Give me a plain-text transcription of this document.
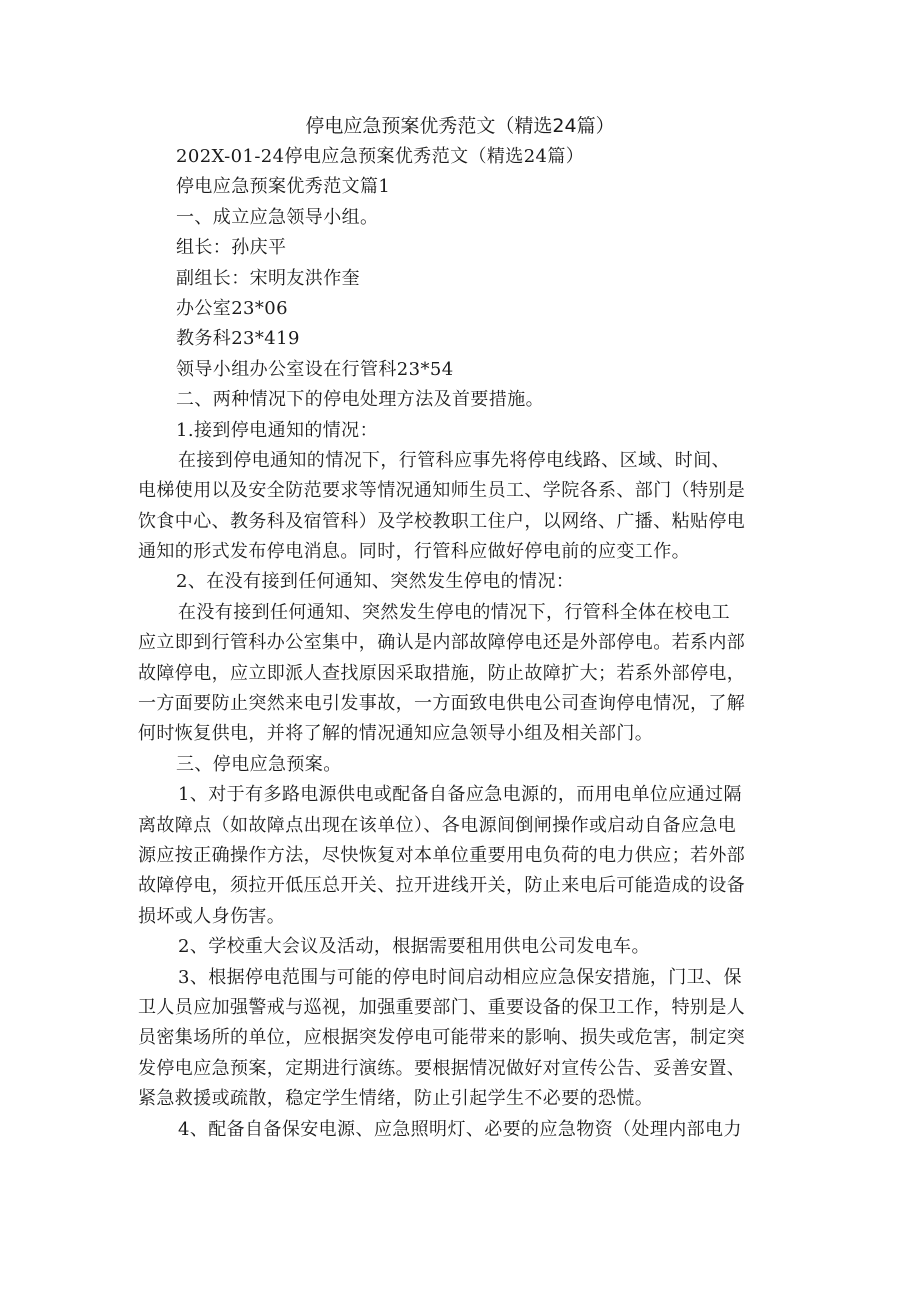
停电应急预案优秀范文（精选24篇）
202X-01-24停电应急预案优秀范文（精选24篇）
停电应急预案优秀范文篇1
一、成立应急领导小组。
组长：孙庆平
副组长：宋明友洪作奎
办公室23*06
教务科23*419
领导小组办公室设在行管科23*54
二、两种情况下的停电处理方法及首要措施。
1.接到停电通知的情况：
在接到停电通知的情况下，行管科应事先将停电线路、区域、时间、
电梯使用以及安全防范要求等情况通知师生员工、学院各系、部门（特别是
饮食中心、教务科及宿管科）及学校教职工住户，以网络、广播、粘贴停电
通知的形式发布停电消息。同时，行管科应做好停电前的应变工作。
2、在没有接到任何通知、突然发生停电的情况：
在没有接到任何通知、突然发生停电的情况下，行管科全体在校电工
应立即到行管科办公室集中，确认是内部故障停电还是外部停电。若系内部
故障停电，应立即派人查找原因采取措施，防止故障扩大；若系外部停电，
一方面要防止突然来电引发事故，一方面致电供电公司查询停电情况，了解
何时恢复供电，并将了解的情况通知应急领导小组及相关部门。
三、停电应急预案。
1、对于有多路电源供电或配备自备应急电源的，而用电单位应通过隔
离故障点（如故障点出现在该单位）、各电源间倒闸操作或启动自备应急电
源应按正确操作方法，尽快恢复对本单位重要用电负荷的电力供应；若外部
故障停电，须拉开低压总开关、拉开进线开关，防止来电后可能造成的设备
损坏或人身伤害。
2、学校重大会议及活动，根据需要租用供电公司发电车。
3、根据停电范围与可能的停电时间启动相应应急保安措施，门卫、保
卫人员应加强警戒与巡视，加强重要部门、重要设备的保卫工作，特别是人
员密集场所的单位，应根据突发停电可能带来的影响、损失或危害，制定突
发停电应急预案，定期进行演练。要根据情况做好对宣传公告、妥善安置、
紧急救援或疏散，稳定学生情绪，防止引起学生不必要的恐慌。
4、配备自备保安电源、应急照明灯、必要的应急物资（处理内部电力
